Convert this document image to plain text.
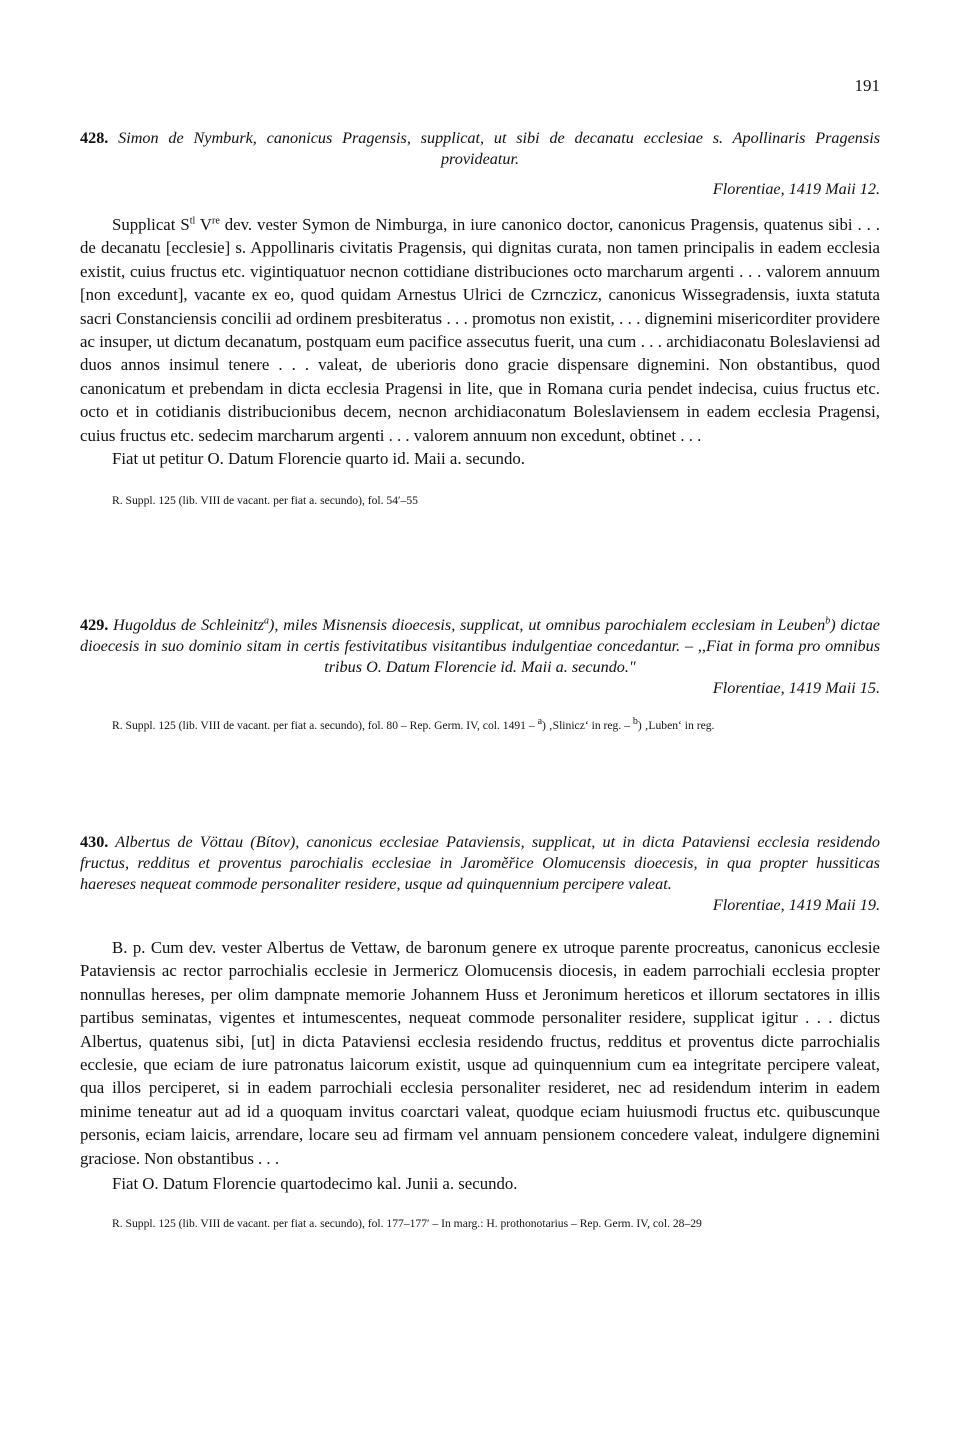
191
428. Simon de Nymburk, canonicus Pragensis, supplicat, ut sibi de decanatu ecclesiae s. Apollinaris Pragensis provideatur.
Florentiae, 1419 Maii 12.
Supplicat $S^{tl}$ Vre dev. vester Symon de Nimburga, in iure canonico doctor, canonicus Pragensis, quatenus sibi . . . de decanatu [ecclesie] s. Appollinaris civitatis Pragensis, qui dignitas curata, non tamen principalis in eadem ecclesia existit, cuius fructus etc. vigintiquatuor necnon cottidiane distribuciones octo marcharum argenti . . . valorem annuum [non excedunt], vacante ex eo, quod quidam Arnestus Ulrici de Czrnczicz, canonicus Wissegradensis, iuxta statuta sacri Constanciensis concilii ad ordinem presbiteratus . . . promotus non existit, . . . dignemini misericorditer providere ac insuper, ut dictum decanatum, postquam eum pacifice assecutus fuerit, una cum . . . archidiaconatu Boleslaviensi ad duos annos insimul tenere . . . valeat, de uberioris dono gracie dispensare dignemini. Non obstantibus, quod canonicatum et prebendam in dicta ecclesia Pragensi in lite, que in Romana curia pendet indecisa, cuius fructus etc. octo et in cotidianis distribucionibus decem, necnon archidiaconatum Boleslaviensem in eadem ecclesia Pragensi, cuius fructus etc. sedecim marcharum argenti . . . valorem annuum non excedunt, obtinet . . .
Fiat ut petitur O. Datum Florencie quarto id. Maii a. secundo.
R. Suppl. 125 (lib. VIII de vacant. per fiat a. secundo), fol. 54′–55
429. Hugoldus de Schleinitz$^a$), miles Misnensis dioecesis, supplicat, ut omnibus parochialem ecclesiam in Leuben$^b$) dictae dioecesis in suo dominio sitam in certis festivitatibus visitantibus indulgentiae concedantur. – ,,Fiat in forma pro omnibus tribus O. Datum Florencie id. Maii a. secundo."
Florentiae, 1419 Maii 15.
R. Suppl. 125 (lib. VIII de vacant. per fiat a. secundo), fol. 80 – Rep. Germ. IV, col. 1491 – $^a$) ‚Slinicz‘ in reg. – $^b$) ‚Luben‘ in reg.
430. Albertus de Vöttau (Bítov), canonicus ecclesiae Pataviensis, supplicat, ut in dicta Pataviensi ecclesia residendo fructus, redditus et proventus parochialis ecclesiae in Jaroměřice Olomucensis dioecesis, in qua propter hussiticas haereses nequeat commode personaliter residere, usque ad quinquennium percipere valeat.
Florentiae, 1419 Maii 19.
B. p. Cum dev. vester Albertus de Vettaw, de baronum genere ex utroque parente procreatus, canonicus ecclesie Pataviensis ac rector parrochialis ecclesie in Jermericz Olomucensis diocesis, in eadem parrochiali ecclesia propter nonnullas hereses, per olim dampnate memorie Johannem Huss et Jeronimum hereticos et illorum sectatores in illis partibus seminatas, vigentes et intumescentes, nequeat commode personaliter residere, supplicat igitur . . . dictus Albertus, quatenus sibi, [ut] in dicta Pataviensi ecclesia residendo fructus, redditus et proventus dicte parrochialis ecclesie, que eciam de iure patronatus laicorum existit, usque ad quinquennium cum ea integritate percipere valeat, qua illos perciperet, si in eadem parrochiali ecclesia personaliter resideret, nec ad residendum interim in eadem minime teneatur aut ad id a quoquam invitus coarctari valeat, quodque eciam huiusmodi fructus etc. quibuscunque personis, eciam laicis, arrendare, locare seu ad firmam vel annuam pensionem concedere valeat, indulgere dignemini graciose. Non obstantibus . . .
Fiat O. Datum Florencie quartodecimo kal. Junii a. secundo.
R. Suppl. 125 (lib. VIII de vacant. per fiat a. secundo), fol. 177–177′ – In marg.: H. prothonotarius – Rep. Germ. IV, col. 28–29
